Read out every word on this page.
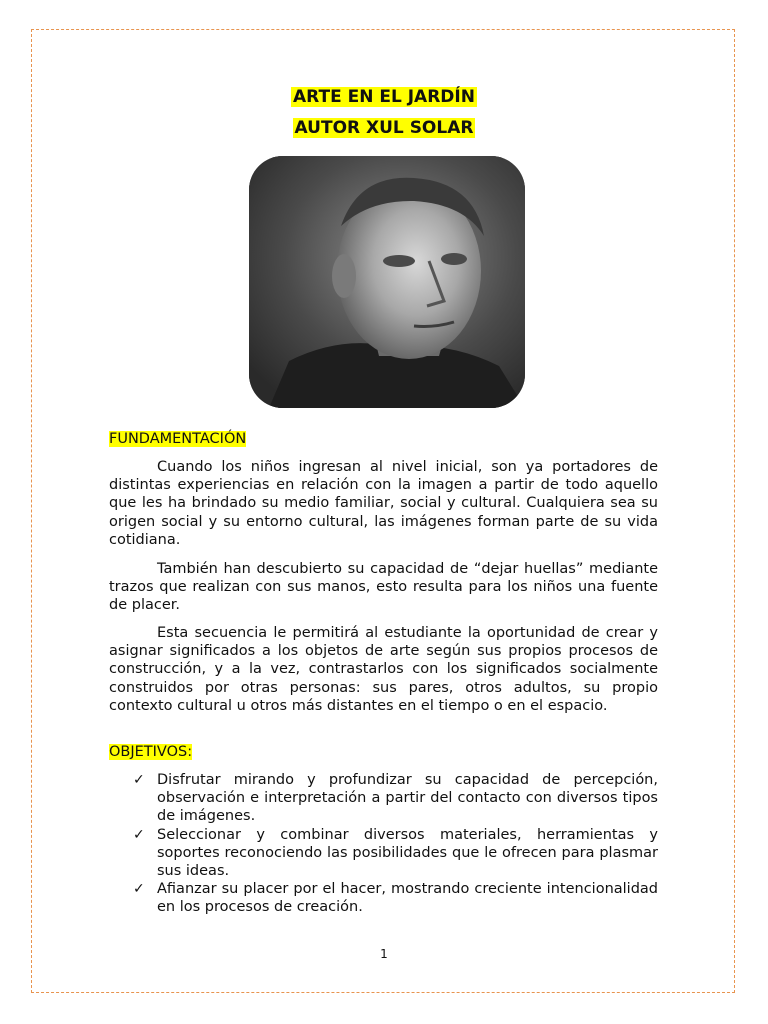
ARTE EN EL JARDÍN
AUTOR XUL SOLAR
FUNDAMENTACIÓN

Cuando los niños ingresan al nivel inicial, son ya portadores de distintas experiencias en relación con la imagen a partir de todo aquello que les ha brindado su medio familiar, social y cultural. Cualquiera sea su origen social y su entorno cultural, las imágenes forman parte de su vida cotidiana.

También han descubierto su capacidad de “dejar huellas” mediante trazos que realizan con sus manos, esto resulta para los niños una fuente de placer.

Esta secuencia le permitirá al estudiante la oportunidad de crear y asignar significados a los objetos de arte según sus propios procesos de construcción, y a la vez, contrastarlos con los significados socialmente construidos por otras personas: sus pares, otros adultos, su propio contexto cultural u otros más distantes en el tiempo o en el espacio.

OBJETIVOS:
✓ Disfrutar mirando y profundizar su capacidad de percepción, observación e interpretación a partir del contacto con diversos tipos de imágenes.
✓ Seleccionar y combinar diversos materiales, herramientas y soportes reconociendo las posibilidades que le ofrecen para plasmar sus ideas.
✓ Afianzar su placer por el hacer, mostrando creciente intencionalidad en los procesos de creación.
1
